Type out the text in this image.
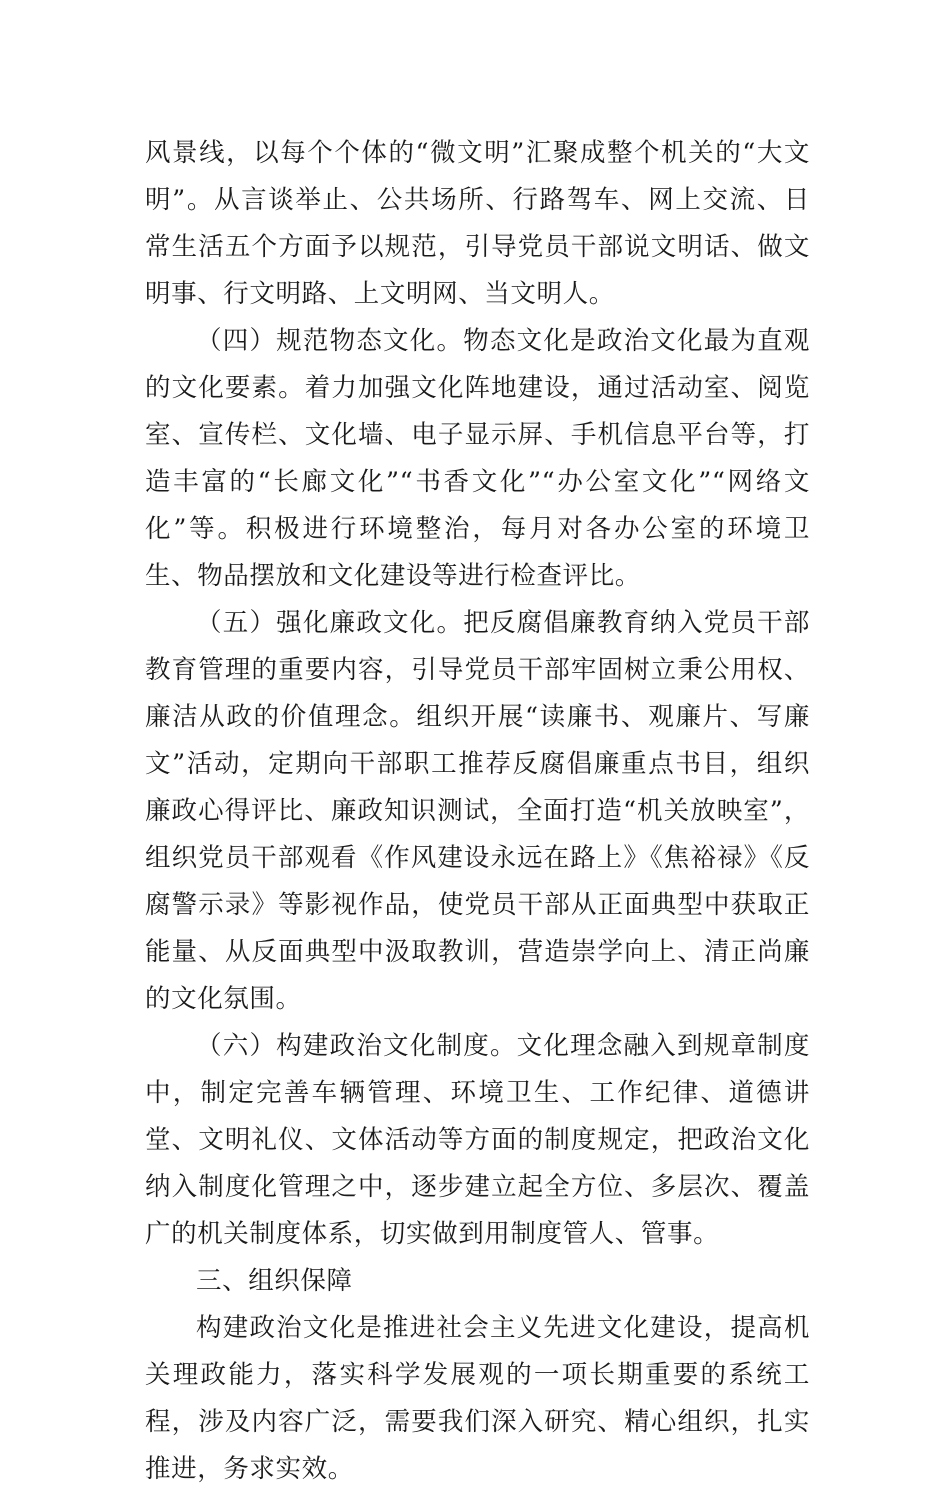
风景线，以每个个体的“微文明”汇聚成整个机关的“大文明”。从言谈举止、公共场所、行路驾车、网上交流、日常生活五个方面予以规范，引导党员干部说文明话、做文明事、行文明路、上文明网、当文明人。

（四）规范物态文化。物态文化是政治文化最为直观的文化要素。着力加强文化阵地建设，通过活动室、阅览室、宣传栏、文化墙、电子显示屏、手机信息平台等，打造丰富的“长廊文化”“书香文化”“办公室文化”“网络文化”等。积极进行环境整治，每月对各办公室的环境卫生、物品摆放和文化建设等进行检查评比。

（五）强化廉政文化。把反腐倡廉教育纳入党员干部教育管理的重要内容，引导党员干部牢固树立秉公用权、廉洁从政的价值理念。组织开展“读廉书、观廉片、写廉文”活动，定期向干部职工推荐反腐倡廉重点书目，组织廉政心得评比、廉政知识测试，全面打造“机关放映室”，组织党员干部观看《作风建设永远在路上》《焦裕禄》《反腐警示录》等影视作品，使党员干部从正面典型中获取正能量、从反面典型中汲取教训，营造崇学向上、清正尚廉的文化氛围。

（六）构建政治文化制度。文化理念融入到规章制度中，制定完善车辆管理、环境卫生、工作纪律、道德讲堂、文明礼仪、文体活动等方面的制度规定，把政治文化纳入制度化管理之中，逐步建立起全方位、多层次、覆盖广的机关制度体系，切实做到用制度管人、管事。

三、组织保障

构建政治文化是推进社会主义先进文化建设，提高机关理政能力，落实科学发展观的一项长期重要的系统工程，涉及内容广泛，需要我们深入研究、精心组织，扎实推进，务求实效。
